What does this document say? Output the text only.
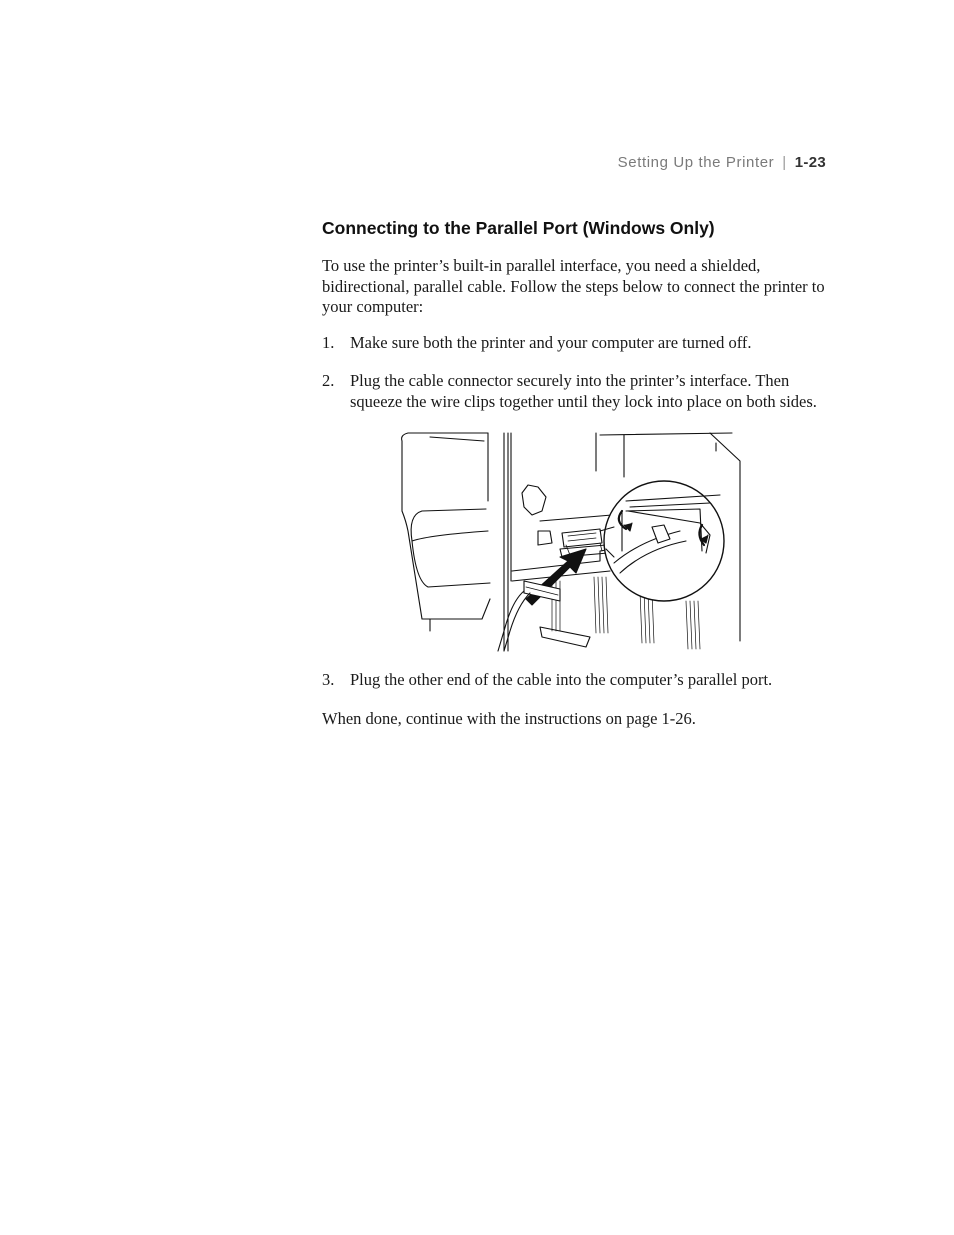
Setting Up the Printer | 1-23
Connecting to the Parallel Port (Windows Only)
To use the printer’s built-in parallel interface, you need a shielded, bidirectional, parallel cable. Follow the steps below to connect the printer to your computer:
1. Make sure both the printer and your computer are turned off.
2. Plug the cable connector securely into the printer’s interface. Then squeeze the wire clips together until they lock into place on both sides.
3. Plug the other end of the cable into the computer’s parallel port.
When done, continue with the instructions on page 1-26.
